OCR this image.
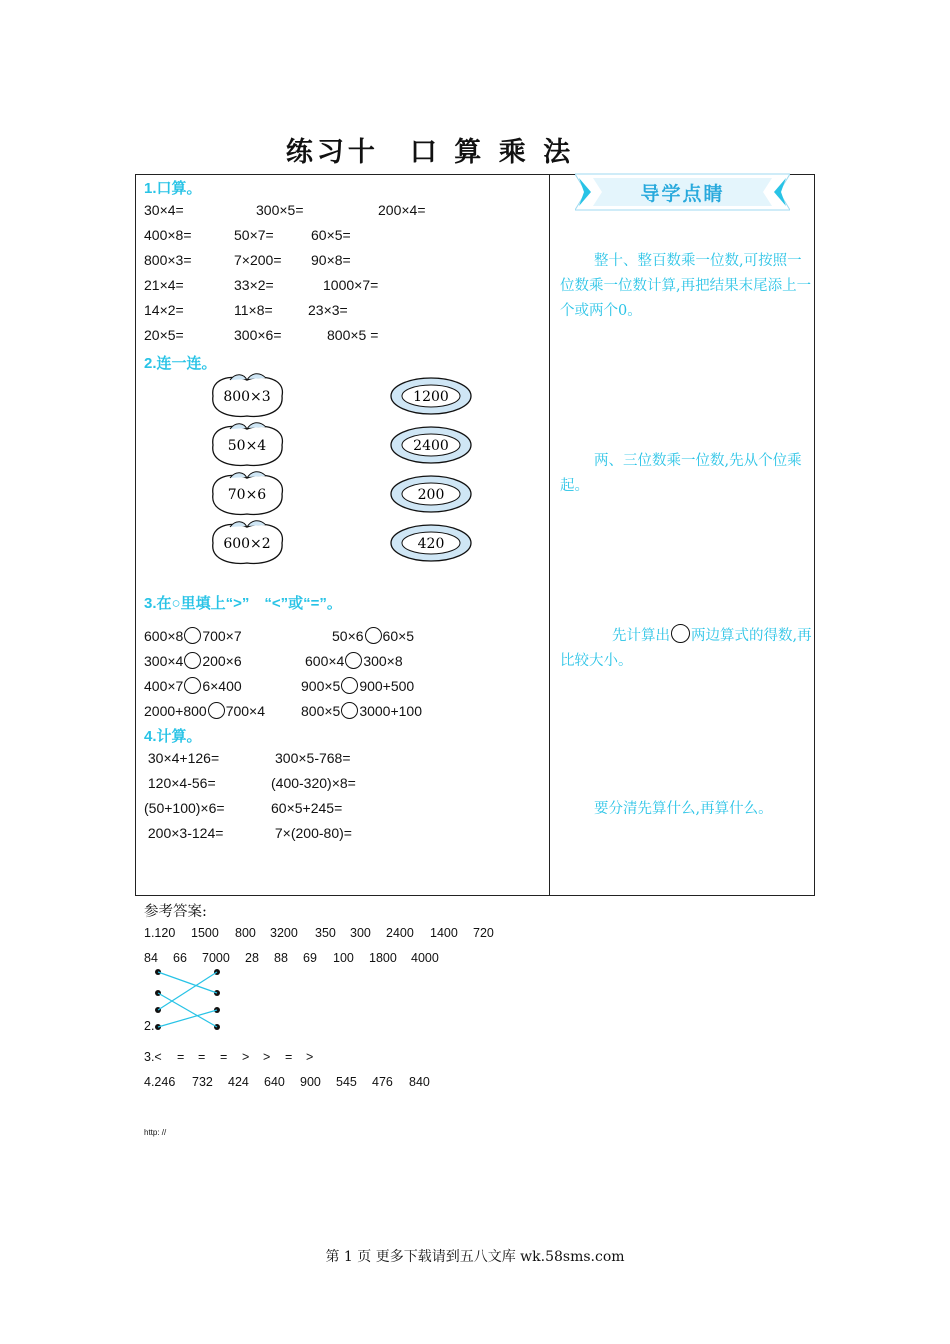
练习十　口 算 乘 法
1.口算。
30×4=	300×5=	200×4=
400×8=	50×7=	60×5=
800×3=	7×200= 90×8=
21×4=	33×2=	1000×7=
14×2=	11×8=	23×3=
20×5=	300×6=	800×5 =
2.连一连。
800×3
50×4
70×6
600×2
1200
2400
200
420
3.在○里填上“>”　“<”或“=”。
600×8 700×7	50×6 60×5
300×4 200×6	600×4 300×8
400×7 6×400	900×5 900+500
2000+800 700×4	800×5 3000+100
4.计算。
30×4+126=	300×5-768=
120×4-56=	(400-320)×8=
(50+100)×6=	60×5+245=
200×3-124=	7×(200-80)=
导学点睛
整十、整百数乘一位数,可按照一位数乘一位数计算,再把结果末尾添上一个或两个0。
两、三位数乘一位数,先从个位乘起。
先计算出 两边算式的得数,再比较大小。
要分清先算什么,再算什么。
参考答案:
1.120 1500 800 3200 350 300 2400 1400 720
84 66 7000 28 88 69 100 1800 4000
2.
3.< = = = > > = >
4.246 732 424 640 900 545 476 840
http: //
第 1 页 更多下载请到五八文库 wk.58sms.com
